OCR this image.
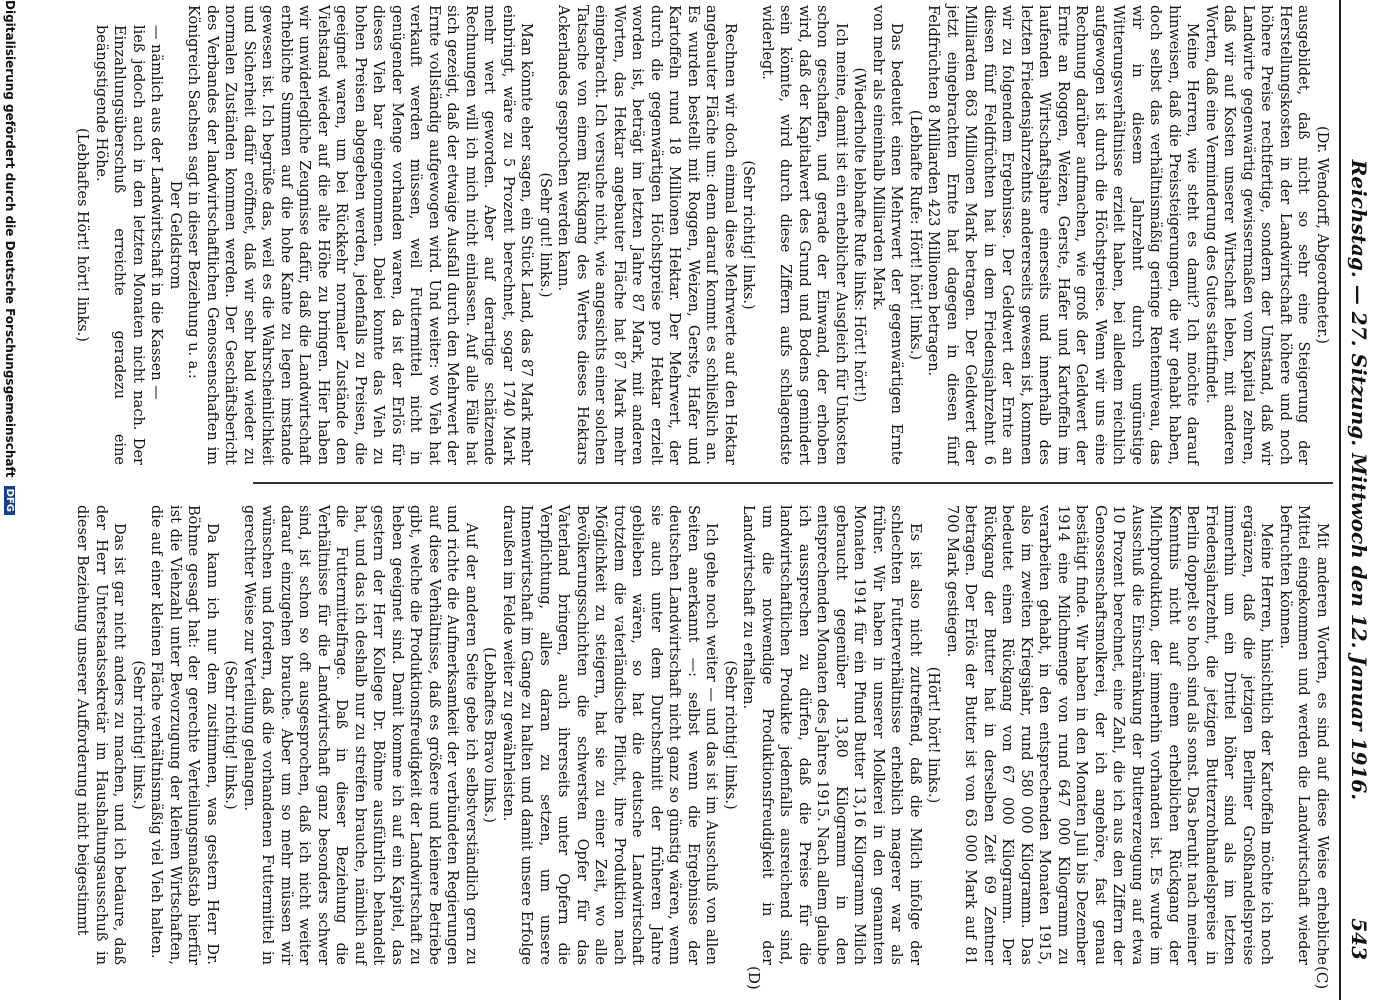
Reichstag. — 27. Sitzung. Mittwoch den 12. Januar 1916.
543
(C)
(D)

Mit anderen Worten, es sind auf diese Weise erhebliche Mittel eingekommen und werden die Landwirtschaft wieder befruchten können.

Meine Herren, hinsichtlich der Kartoffeln möchte ich noch ergänzen, daß die jetzigen Berliner Großhandelspreise immerhin um ein Drittel höher sind als im letzten Friedensjahrzehnt, die jetzigen Butterzrohhandelspreise in Berlin doppelt so hoch sind als sonst. Das beruht nach meiner Kenntnis nicht auf einem erheblichen Rückgang der Milchproduktion, der immerhin vorhanden ist. Es wurde im Ausschuß die Einschränkung der Buttererzeugung auf etwa 10 Prozent berechnet, eine Zahl, die ich aus den Ziffern der Genossenschaftsmolkerei, der ich angehöre, fast genau bestätigt finde. Wir haben in den Monaten Juli bis Dezember 1914 eine Milchmenge von rund 647 000 Kilogramm zu verarbeiten gehabt, in den entsprechenden Monaten 1915, also im zweiten Kriegsjahr, rund 580 000 Kilogramm. Das bedeutet einen Rückgang von 67 000 Kilogramm. Der Rückgang der Butter hat in derselben Zeit 69 Zentner betragen. Der Erlös der Butter ist von 63 000 Mark auf 81 700 Mark gestiegen.

(Hört! hört! links.)

Es ist also nicht zutreffend, daß die Milch infolge der schlechten Futterverhältnisse erheblich magerer war als früher. Wir haben in unserer Molkerei in den genannten Monaten 1914 für ein Pfund Butter 13,16 Kilogramm Milch gebraucht gegenüber 13,80 Kilogramm in den entsprechenden Monaten des Jahres 1915. Nach allem glaube ich aussprechen zu dürfen, daß die Preise für die landwirtschaftlichen Produkte jedenfalls ausreichend sind, um die notwendige Produktionsfreudigkeit in der Landwirtschaft zu erhalten.

(Sehr richtig! links.)

Ich gehe noch weiter — und das ist im Ausschuß von allen Seiten anerkannt —: selbst wenn die Ergebnisse der deutschen Landwirtschaft nicht ganz so günstig wären, wenn sie auch unter dem Durchschnitt der früheren Jahre geblieben wären, so hat die deutsche Landwirtschaft trotzdem die vaterländische Pflicht, ihre Produktion nach Möglichkeit zu steigern, hat sie zu einer Zeit, wo alle Bevölkerungsschichten die schwersten Opfer für das Vaterland bringen, auch ihrerseits unter Opfern die Verpflichtung, alles daran zu setzen, um unsere Innenwirtschaft im Gange zu halten und damit unsere Erfolge draußen im Felde weiter zu gewährleisten.

(Lebhaftes Bravo links.)

Auf der anderen Seite gebe ich selbstverständlich gern zu und richte die Aufmerksamkeit der verbündeten Regierungen auf diese Verhältnisse, daß es größere und kleinere Betriebe gibt, welche die Produktionsfreudigkeit der Landwirtschaft zu heben geeignet sind. Damit komme ich auf ein Kapitel, das gestern der Herr Kollege Dr. Böhme ausführlich behandelt hat, und das ich deshalb nur zu streifen brauche, nämlich auf die Futtermittelfrage. Daß in dieser Beziehung die Verhältnisse für die Landwirtschaft ganz besonders schwer sind, ist schon so oft ausgesprochen, daß ich nicht weiter darauf einzugehen brauche. Aber um so mehr müssen wir wünschen und fordern, daß die vorhandenen Futtermittel in gerechter Weise zur Verteilung gelangen.

(Sehr richtig! links.)

Da kann ich nur dem zustimmen, was gestern Herr Dr. Böhme gesagt hat: der gerechte Verteilungsmaßstab hierfür ist die Viehzahl unter Bevorzugung der kleinen Wirtschaften, die auf einer kleinen Fläche verhältnismäßig viel Vieh halten.

(Sehr richtig! links.)

Das ist gar nicht anders zu machen, und ich bedaure, daß der Herr Unterstaatssekretär im Haushaltungsausschuß in dieser Beziehung unserer Aufforderung nicht beigestimmt

(Dr. Wendorff, Abgeordneter.)

ausgebildet, daß nicht so sehr eine Steigerung der Herstellungskosten in der Landwirtschaft höhere und noch höhere Preise rechtfertige, sondern der Umstand, daß wir Landwirte gegenwärtig gewissermaßen vom Kapital zehren, daß wir auf Kosten unserer Wirtschaft leben, mit anderen Worten, daß eine Verminderung des Gutes stattfindet.

Meine Herren, wie steht es damit? Ich möchte darauf hinweisen, daß die Preissteigerungen, die wir gehabt haben, doch selbst das verhältnismäßig geringe Rentenniveau, das wir in diesem Jahrzehnt durch ungünstige Witterungsverhältnisse erzielt haben, bei alledem reichlich aufgewogen ist durch die Höchstpreise. Wenn wir uns eine Rechnung darüber aufmachen, wie groß der Geldwert der Ernte an Roggen, Weizen, Gerste, Hafer und Kartoffeln im laufenden Wirtschaftsjahre einerseits und innerhalb des letzten Friedensjahrzehnts andererseits gewesen ist, kommen wir zu folgendem Ergebnisse. Der Geldwert der Ernte an diesen fünf Feldfrüchten hat in dem Friedensjahrzehnt 6 Milliarden 863 Millionen Mark betragen. Der Geldwert der jetzt eingebrachten Ernte hat dagegen in diesen fünf Feldfrüchten 8 Milliarden 423 Millionen betragen.

(Lebhafte Rufe: Hört! hört! links.)

Das bedeutet einen Mehrwert der gegenwärtigen Ernte von mehr als eineinhalb Milliarden Mark.

(Wiederholte lebhafte Rufe links: Hört! hört!)

Ich meine, damit ist ein erheblicher Ausgleich für Unkosten schon geschaffen, und gerade der Einwand, der erhoben wird, daß der Kapitalwert des Grund und Bodens gemindert sein könnte, wird durch diese Ziffern aufs schlagendste widerlegt.

(Sehr richtig! links.)

Rechnen wir doch einmal diese Mehrwerte auf den Hektar angebauter Fläche um: denn darauf kommt es schließlich an. Es wurden bestellt mit Roggen, Weizen, Gerste, Hafer und Kartoffeln rund 18 Millionen Hektar. Der Mehrwert, der durch die gegenwärtigen Höchstpreise pro Hektar erzielt worden ist, beträgt im letzten Jahre 87 Mark, mit anderen Worten, das Hektar angebauter Fläche hat 87 Mark mehr eingebracht. Ich versuche nicht, wie angesichts einer solchen Tatsache von einem Rückgang des Wertes dieses Hektars Ackerlandes gesprochen werden kann.

(Sehr gut! links.)

Man könnte eher sagen, ein Stück Land, das 87 Mark mehr einbringt, wäre zu 5 Prozent berechnet, sogar 1740 Mark mehr wert geworden. Aber auf derartige schätzende Rechnungen will ich mich nicht einlassen. Auf alle Fälle hat sich gezeigt, daß der etwaige Ausfall durch den Mehrwert der Ernte vollständig aufgewogen wird. Und weiter: wo Vieh hat verkauft werden müssen, weil Futtermittel nicht in genügender Menge vorhanden waren, da ist der Erlös für dieses Vieh bar eingenommen. Dabei konnte das Vieh zu hohen Preisen abgegeben werden, jedenfalls zu Preisen, die geeignet waren, um bei Rückkehr normaler Zustände den Viehstand wieder auf die alte Höhe zu bringen. Hier haben wir unwiderlegliche Zeugnisse dafür, daß die Landwirtschaft erhebliche Summen auf die hohe Kante zu legen imstande gewesen ist. Ich begrüße das, weil es die Wahrscheinlichkeit und Sicherheit dafür eröffnet, daß wir sehr bald wieder zu normalen Zuständen kommen werden. Der Geschäftsbericht des Verbandes der landwirtschaftlichen Genossenschaften im Königreich Sachsen sagt in dieser Beziehung u. a.:

Der Geldstrom

— nämlich aus der Landwirtschaft in die Kassen —

ließ jedoch auch in den letzten Monaten nicht nach. Der Einzahlungsüberschuß erreichte geradezu eine beängstigende Höhe.

(Lebhaftes Hört! hört! links.)

Digitalisierung gefördert durch die Deutsche Forschungsgemeinschaft DFG
